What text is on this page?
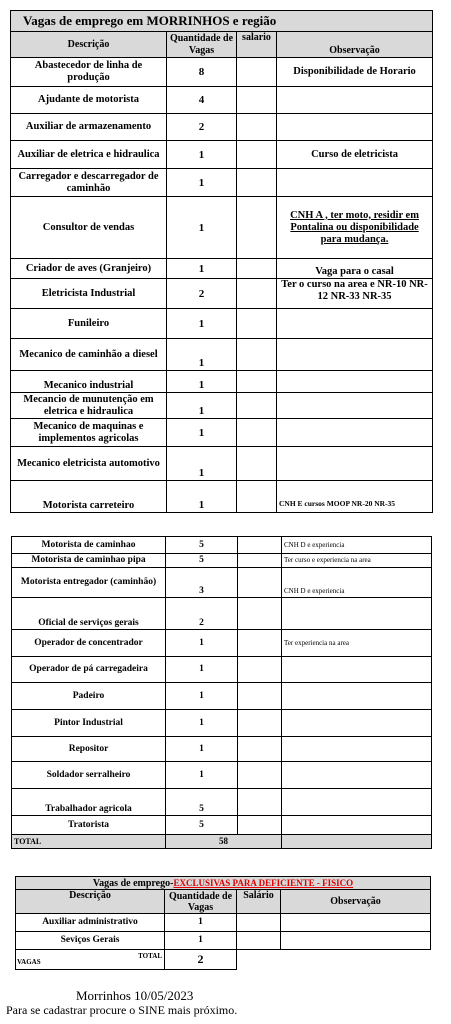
Vagas de emprego em MORRINHOS e região			
Descrição	Quantidade de Vagas	salario	Observação
Abastecedor de linha de produção	8		Disponibilidade de Horario
Ajudante de motorista	4		
Auxiliar de armazenamento	2		
Auxiliar de eletrica e hidraulica	1		Curso de eletricista
Carregador e descarregador de caminhão	1		
Consultor de vendas	1		CNH A , ter moto, residir em Pontalina ou disponibilidade para mudança.
Criador de aves (Granjeiro)	1		Vaga para o casal
Eletricista Industrial	2		Ter o curso na area e NR-10 NR-12 NR-33 NR-35
Funileiro	1		
Mecanico de caminhão a diesel	1		
Mecanico industrial	1		
Mecancio de munutenção em eletrica e hidraulica	1		
Mecanico de maquinas e implementos agricolas	1		
Mecanico eletricista automotivo	1		
Motorista carreteiro	1		CNH E cursos MOOP NR-20 NR-35
Motorista de caminhao	5		CNH D e experiencia
Motorista de caminhao pipa	5		Ter curso e experiencia na area
Motorista entregador (caminhão)	3		CNH D e experiencia
Oficial de serviços gerais	2		
Operador de concentrador	1		Ter experiencia na area
Operador de pá carregadeira	1		
Padeiro	1		
Pintor Industrial	1		
Repositor	1		
Soldador serralheiro	1		
Trabalhador agricola	5		
Tratorista	5		
TOTAL	58		
Vagas de emprego-EXCLUSIVAS PARA DEFICIENTE - FISICO			
Descrição	Quantidade de Vagas	Salário	Observação
Auxiliar administrativo	1		
Seviços Gerais	1		

VAGAS
TOTAL	2		
Morrinhos 10/05/2023
Para se cadastrar procure o SINE mais próximo.
